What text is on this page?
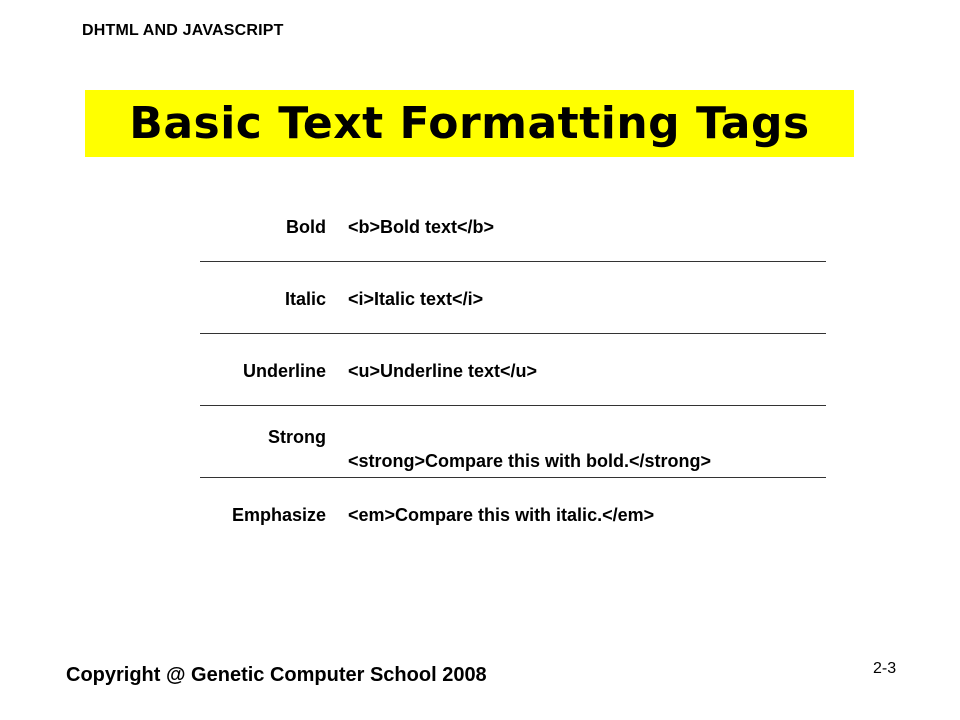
DHTML AND JAVASCRIPT
Basic Text Formatting Tags
Bold <b>Bold text</b>
Italic <i>Italic text</i>
Underline <u>Underline text</u>
Strong
<strong>Compare this with bold.</strong>
Emphasize <em>Compare this with italic.</em>
Copyright @ Genetic Computer School 2008	2-3
